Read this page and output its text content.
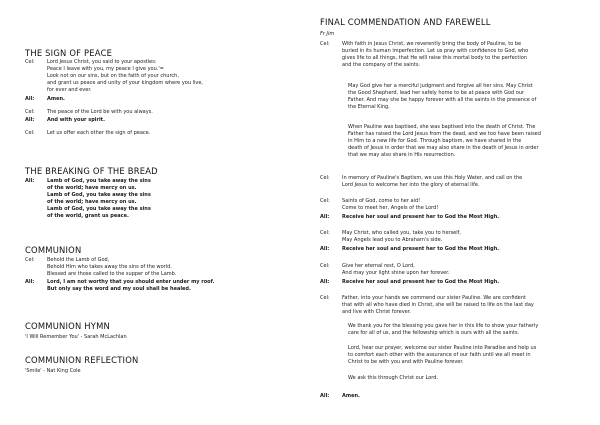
THE SIGN OF PEACE
Cel:	Lord Jesus Christ, you said to your apostles:
Peace I leave with you, my peace I give you.'=
Look not on our sins, but on the faith of your church,
and grant us peace and unity of your kingdom where you live,
for ever and ever.
All:	Amen.
Cel:	The peace of the Lord be with you always.
All:	And with your spirit.
Cel:	Let us offer each other the sign of peace.
THE BREAKING OF THE BREAD
All:	Lamb of God, you take away the sins
of the world; have mercy on us.
Lamb of God, you take away the sins
of the world; have mercy on us.
Lamb of God, you take away the sins
of the world, grant us peace.
COMMUNION
Cel:	Behold the Lamb of God,
Behold Him who takes away the sins of the world.
Blessed are those called to the supper of the Lamb.
All:	Lord, I am not worthy that you should enter under my roof.
But only say the word and my soul shall be healed.
COMMUNION HYMN
'I Will Remember You' - Sarah McLachlan
COMMUNION REFLECTION
'Smile' - Nat King Cole
FINAL COMMENDATION AND FAREWELL
Fr Jim
Cel:	With faith in Jesus Christ, we reverently bring the body of Pauline, to be
buried in its human imperfection. Let us pray with confidence to God, who
gives life to all things, that He will raise this mortal body to the perfection
and the company of the saints.
May God give her a merciful judgment and forgive all her sins. May Christ
the Good Shepherd, lead her safely home to be at peace with God our
Father. And may she be happy forever with all the saints in the presence of
the Eternal King.
When Pauline was baptised, she was baptised into the death of Christ. The
Father has raised the Lord Jesus from the dead, and we too have been raised
in Him to a new life for God. Through baptism, we have shared in the
death of Jesus in order that we may also share in the death of Jesus in order
that we may also share in His resurrection.
Cel:	In memory of Pauline's Baptism, we use this Holy Water, and call on the
Lord Jesus to welcome her into the glory of eternal life.
Cel:	Saints of God, come to her aid!
Come to meet her, Angels of the Lord!
All:	Receive her soul and present her to God the Most High.
Cel:	May Christ, who called you, take you to herself,
May Angels lead you to Abraham's side.
All:	Receive her soul and present her to God the Most High.
Cel:	Give her eternal rest, O Lord,
And may your light shine upon her forever.
All:	Receive her soul and present her to God the Most High.
Cel:	Father, into your hands we commend our sister Pauline. We are confident
that with all who have died in Christ, she will be raised to life on the last day
and live with Christ forever.
We thank you for the blessing you gave her in this life to show your fatherly
care for all of us, and the fellowship which is ours with all the saints.
Lord, hear our prayer, welcome our sister Pauline into Paradise and help us
to comfort each other with the assurance of our faith until we all meet in
Christ to be with you and with Pauline forever.
We ask this through Christ our Lord.
All:	Amen.
